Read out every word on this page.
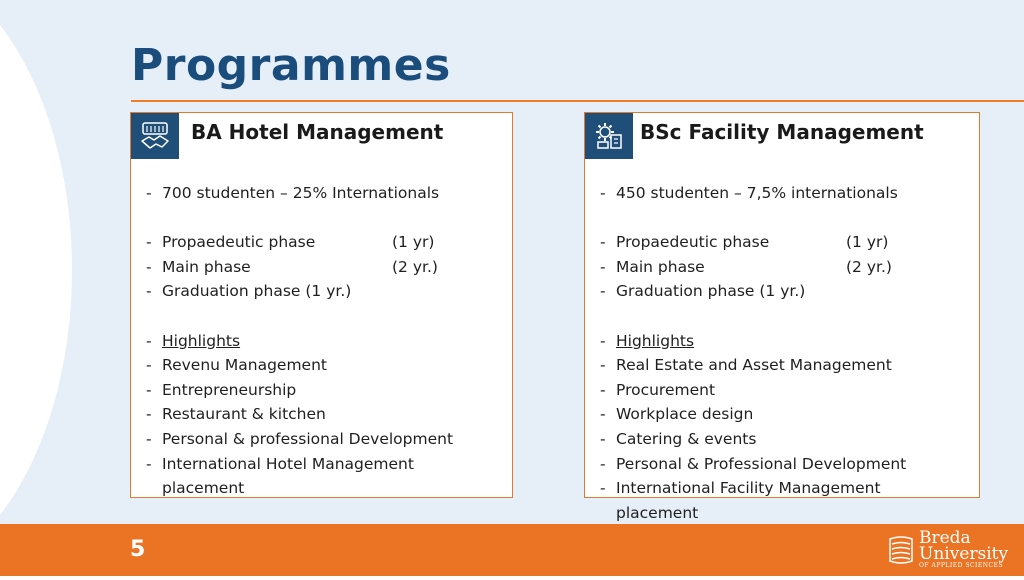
Programmes
BA Hotel Management
- 700 studenten – 25% Internationals
- Propaedeutic phase	(1 yr)
- Main phase	(2 yr.)
- Graduation phase (1 yr.)
- Highlights
- Revenu Management
- Entrepreneurship
- Restaurant & kitchen
- Personal & professional Development
- International Hotel Management placement
BSc Facility Management
- 450 studenten – 7,5% internationals
- Propaedeutic phase	(1 yr)
- Main phase	(2 yr.)
- Graduation phase (1 yr.)
- Highlights
- Real Estate and Asset Management
- Procurement
- Workplace design
- Catering & events
- Personal & Professional Development
- International Facility Management placement
5	Breda
University
OF APPLIED SCIENCES
